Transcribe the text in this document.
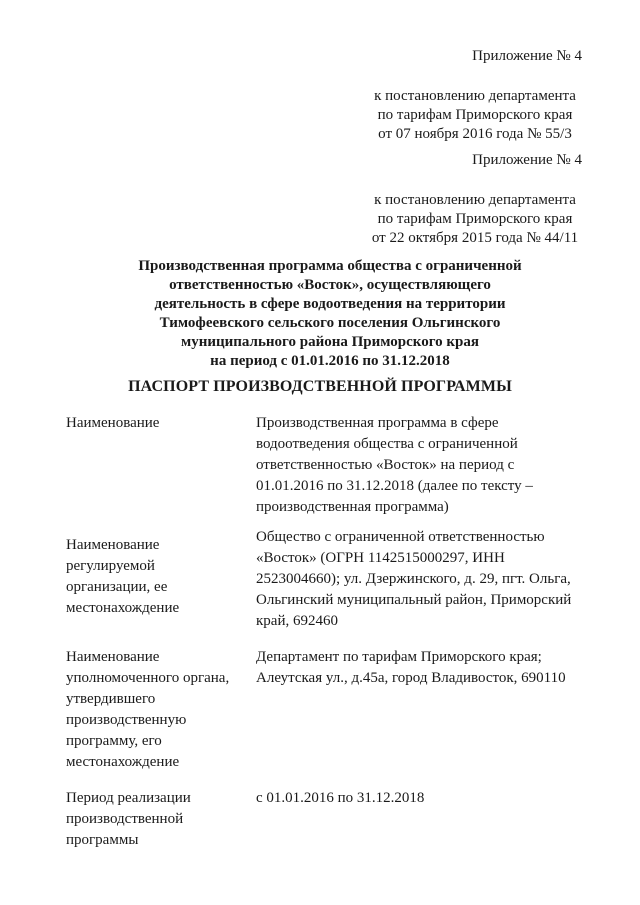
Приложение № 4
к постановлению департамента
по тарифам Приморского края
от 07 ноября 2016 года № 55/3
Приложение № 4
к постановлению департамента
по тарифам Приморского края
от 22 октября 2015 года № 44/11
Производственная программа общества с ограниченной
ответственностью «Восток», осуществляющего
деятельность в сфере водоотведения на территории
Тимофеевского сельского поселения Ольгинского
муниципального района Приморского края
на период с 01.01.2016 по 31.12.2018
ПАСПОРТ ПРОИЗВОДСТВЕННОЙ ПРОГРАММЫ
Наименование	Производственная программа в сфере
водоотведения общества с ограниченной
ответственностью «Восток» на период с
01.01.2016 по 31.12.2018 (далее по тексту –
производственная программа)
Наименование
регулируемой
организации, ее
местонахождение
Общество с ограниченной ответственностью
«Восток» (ОГРН 1142515000297, ИНН
2523004660); ул. Дзержинского, д. 29, пгт. Ольга,
Ольгинский муниципальный район, Приморский
край, 692460
Наименование
уполномоченного органа,
утвердившего
производственную
программу, его
местонахождение
Департамент по тарифам Приморского края;
Алеутская ул., д.45а, город Владивосток, 690110
Период реализации
производственной
программы
с 01.01.2016 по 31.12.2018
